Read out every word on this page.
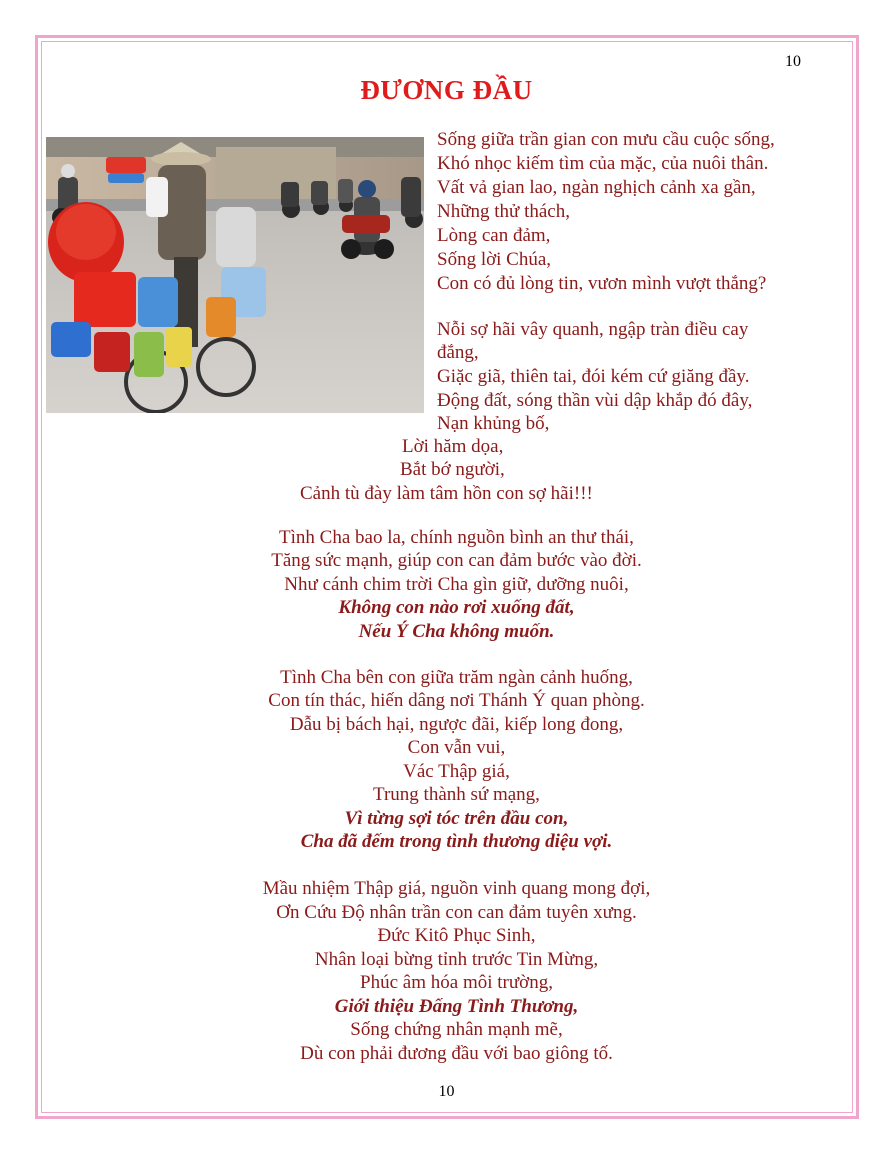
10
ĐƯƠNG ĐẦU
Sống giữa trần gian con mưu cầu cuộc sống,
Khó nhọc kiếm tìm của mặc, của nuôi thân.
Vất vả gian lao, ngàn nghịch cảnh xa gần,
Những thử thách,
Lòng can đảm,
Sống lời Chúa,
Con có đủ lòng tin, vươn mình vượt thắng?
Nỗi sợ hãi vây quanh, ngập tràn điều cay
đắng,
Giặc giã, thiên tai, đói kém cứ giăng đầy.
Động đất, sóng thần vùi dập khắp đó đây,
Nạn khủng bố,
Lời hăm dọa,
Bắt bớ người,
Cảnh tù đày làm tâm hồn con sợ hãi!!!
Tình Cha bao la, chính nguồn bình an thư thái,
Tăng sức mạnh, giúp con can đảm bước vào đời.
Như cánh chim trời Cha gìn giữ, dưỡng nuôi,
Không con nào rơi xuống đất,
Nếu Ý Cha không muốn.
Tình Cha bên con giữa trăm ngàn cảnh huống,
Con tín thác, hiến dâng nơi Thánh Ý quan phòng.
Dẫu bị bách hại, ngược đãi, kiếp long đong,
Con vẫn vui,
Vác Thập giá,
Trung thành sứ mạng,
Vì từng sợi tóc trên đầu con,
Cha đã đếm trong tình thương diệu vợi.
Mầu nhiệm Thập giá, nguồn vinh quang mong đợi,
Ơn Cứu Độ nhân trần con can đảm tuyên xưng.
Đức Kitô Phục Sinh,
Nhân loại bừng tỉnh trước Tin Mừng,
Phúc âm hóa môi trường,
Giới thiệu Đấng Tình Thương,
Sống chứng nhân mạnh mẽ,
Dù con phải đương đầu với bao giông tố.
10
